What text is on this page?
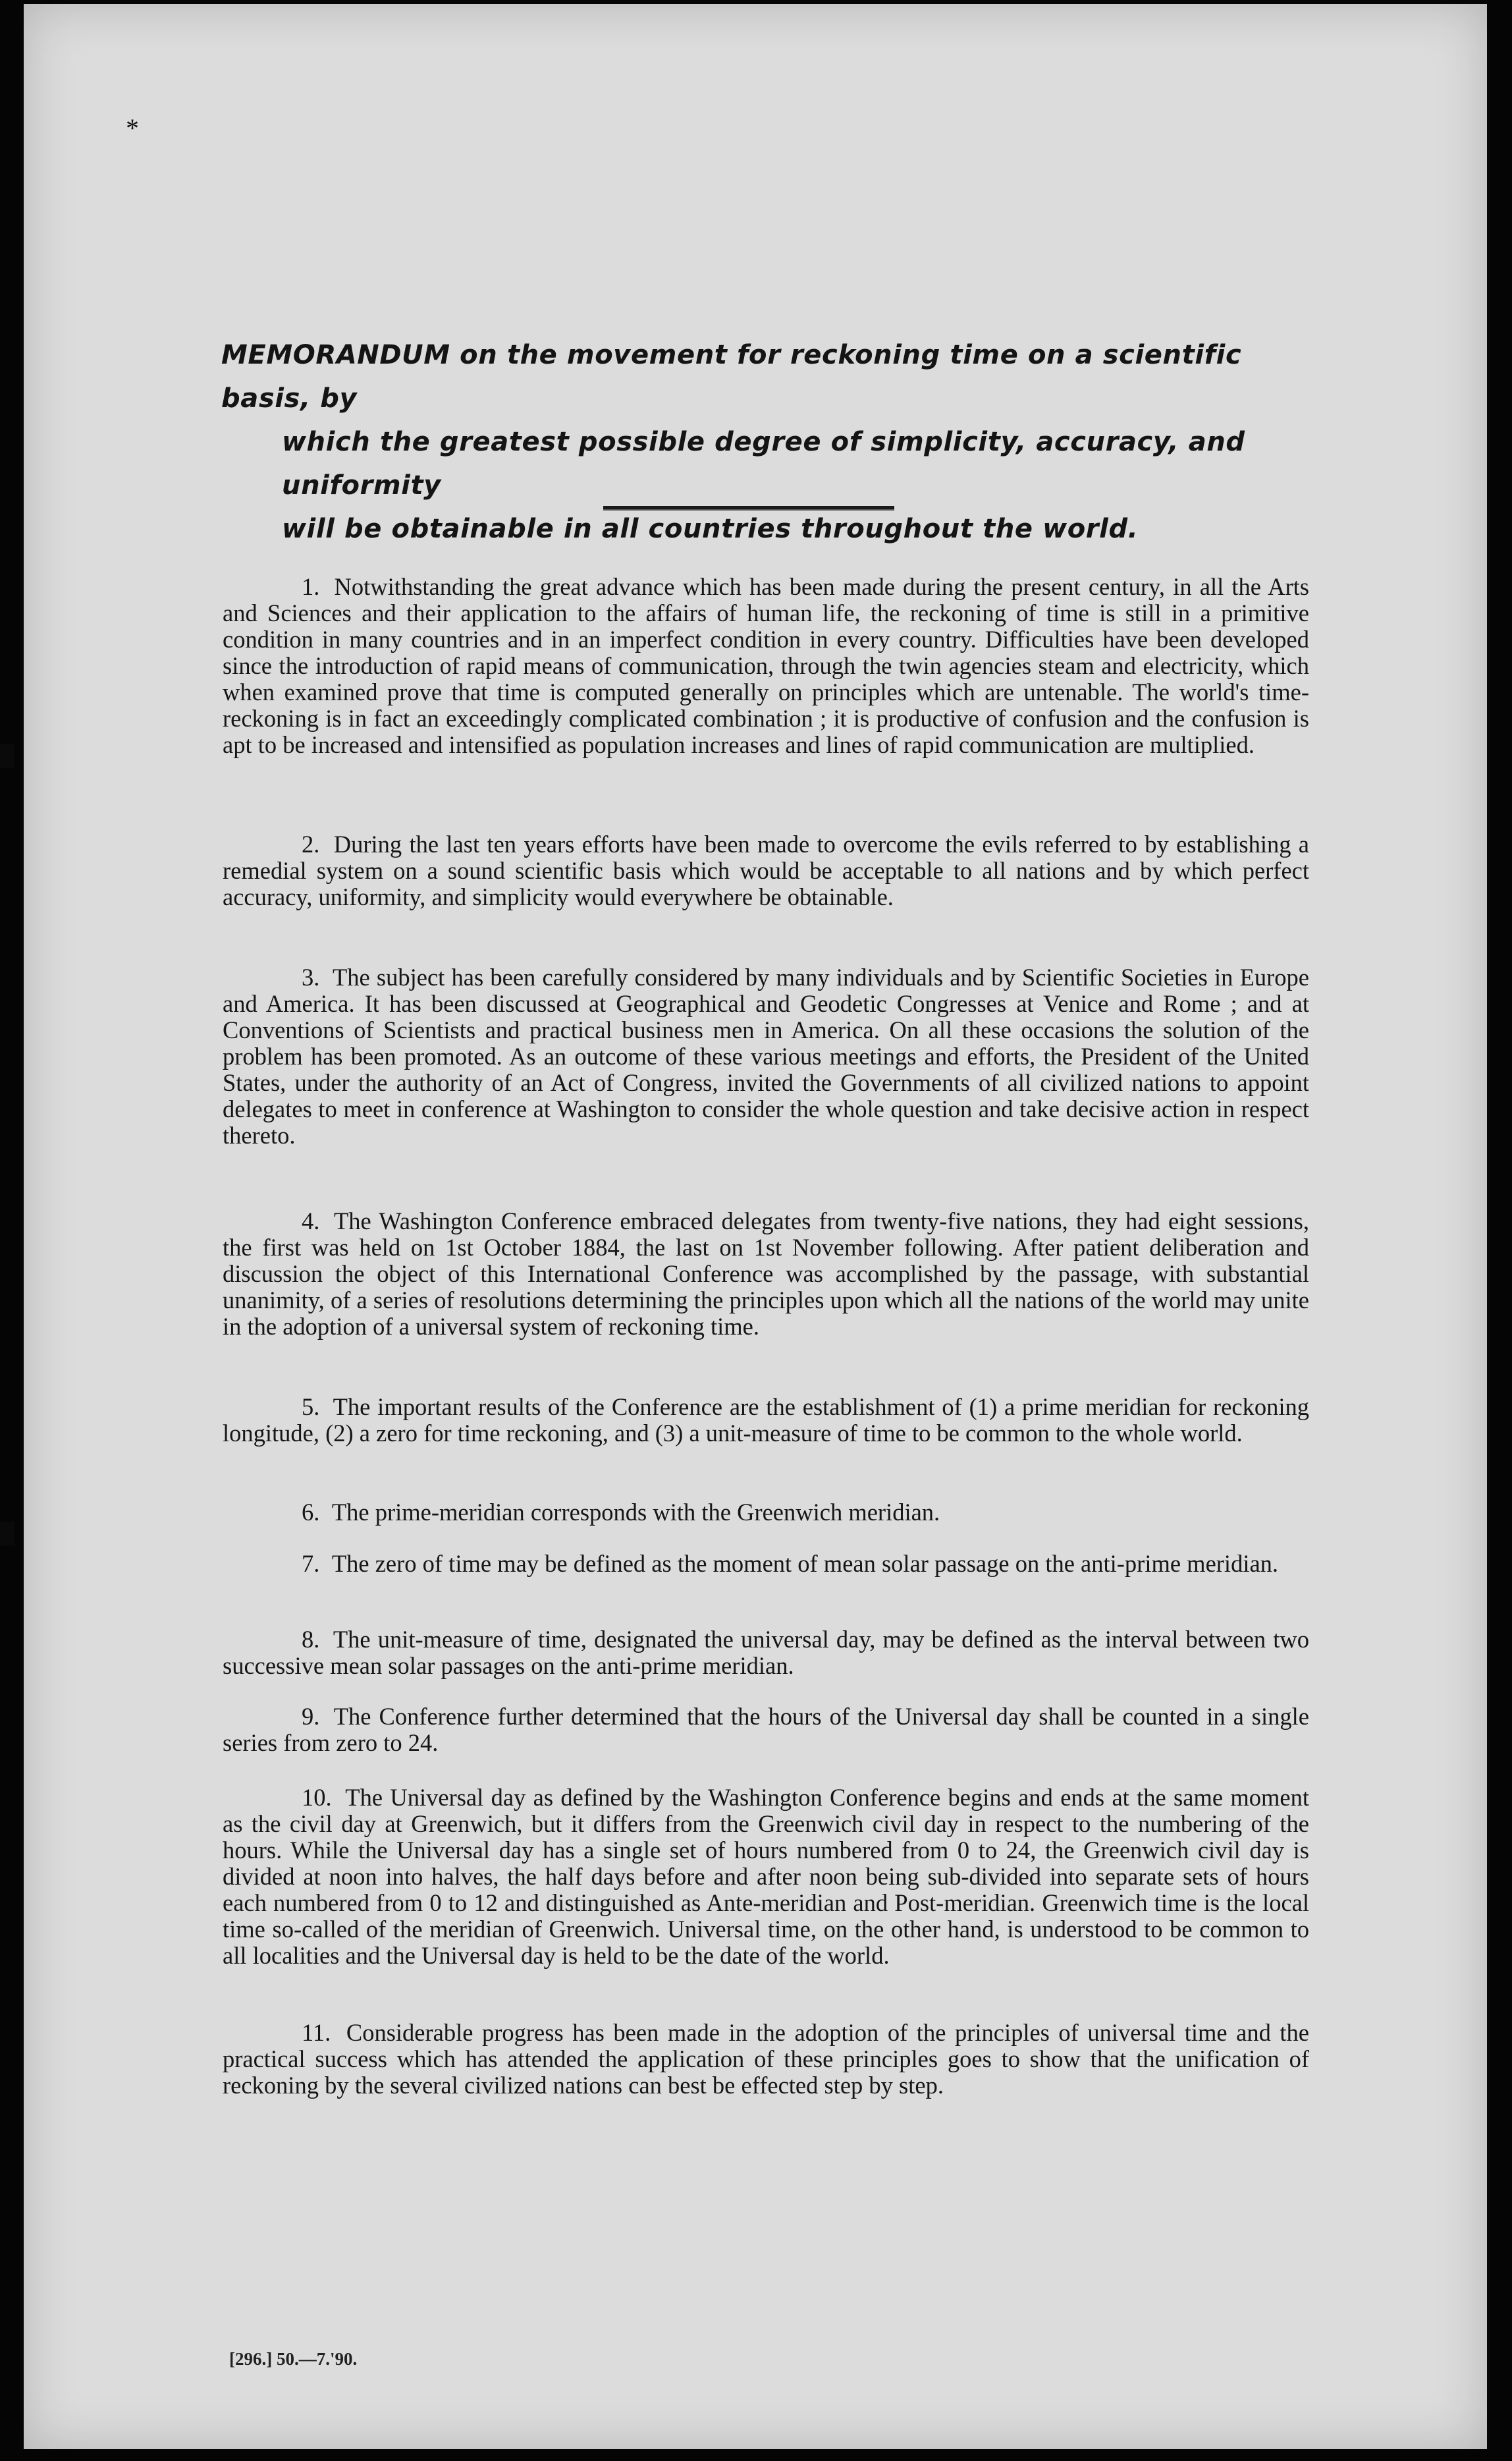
*
MEMORANDUM on the movement for reckoning time on a scientific basis, by
which the greatest possible degree of simplicity, accuracy, and uniformity
will be obtainable in all countries throughout the world.

1. Notwithstanding the great advance which has been made during the present century, in all the Arts and Sciences and their application to the affairs of human life, the reckoning of time is still in a primitive condition in many countries and in an imperfect condition in every country. Difficulties have been developed since the introduction of rapid means of communication, through the twin agencies steam and electricity, which when examined prove that time is computed generally on principles which are untenable. The world's time-reckoning is in fact an exceedingly complicated combination ; it is productive of confusion and the confusion is apt to be increased and intensified as population increases and lines of rapid communication are multiplied.

2. During the last ten years efforts have been made to overcome the evils referred to by establishing a remedial system on a sound scientific basis which would be acceptable to all nations and by which perfect accuracy, uniformity, and simplicity would everywhere be obtainable.

3. The subject has been carefully considered by many individuals and by Scientific Societies in Europe and America. It has been discussed at Geographical and Geodetic Congresses at Venice and Rome ; and at Conventions of Scientists and practical business men in America. On all these occasions the solution of the problem has been promoted. As an outcome of these various meetings and efforts, the President of the United States, under the authority of an Act of Congress, invited the Governments of all civilized nations to appoint delegates to meet in conference at Washington to consider the whole question and take decisive action in respect thereto.

4. The Washington Conference embraced delegates from twenty-five nations, they had eight sessions, the first was held on 1st October 1884, the last on 1st November following. After patient deliberation and discussion the object of this International Conference was accomplished by the passage, with substantial unanimity, of a series of resolutions determining the principles upon which all the nations of the world may unite in the adoption of a universal system of reckoning time.

5. The important results of the Conference are the establishment of (1) a prime meridian for reckoning longitude, (2) a zero for time reckoning, and (3) a unit-measure of time to be common to the whole world.

6. The prime-meridian corresponds with the Greenwich meridian.

7. The zero of time may be defined as the moment of mean solar passage on the anti-prime meridian.

8. The unit-measure of time, designated the universal day, may be defined as the interval between two successive mean solar passages on the anti-prime meridian.

9. The Conference further determined that the hours of the Universal day shall be counted in a single series from zero to 24.

10. The Universal day as defined by the Washington Conference begins and ends at the same moment as the civil day at Greenwich, but it differs from the Greenwich civil day in respect to the numbering of the hours. While the Universal day has a single set of hours numbered from 0 to 24, the Greenwich civil day is divided at noon into halves, the half days before and after noon being sub-divided into separate sets of hours each numbered from 0 to 12 and distinguished as Ante-meridian and Post-meridian. Greenwich time is the local time so-called of the meridian of Greenwich. Universal time, on the other hand, is understood to be common to all localities and the Universal day is held to be the date of the world.

11. Considerable progress has been made in the adoption of the principles of universal time and the practical success which has attended the application of these principles goes to show that the unification of reckoning by the several civilized nations can best be effected step by step.

[296.] 50.—7.'90.
